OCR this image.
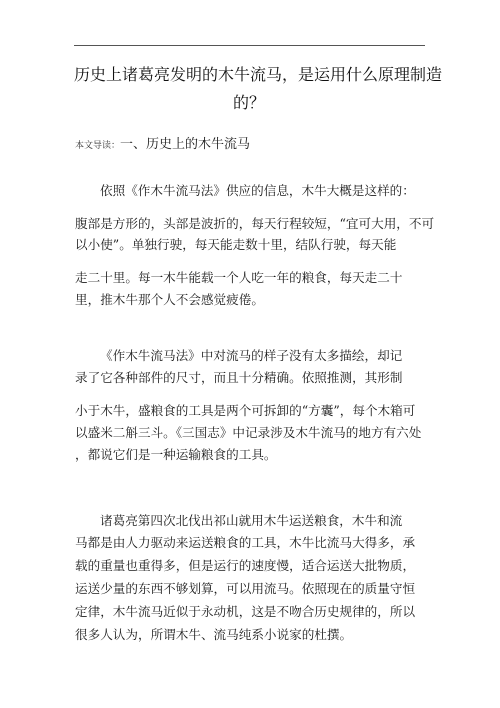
历史上诸葛亮发明的木牛流马，是运用什么原理制造
的？
本文导读：一、历史上的木牛流马
依照《作木牛流马法》供应的信息，木牛大概是这样的：
腹部是方形的，头部是波折的，每天行程较短，“宜可大用，不可
以小使”。单独行驶，每天能走数十里，结队行驶，每天能
走二十里。每一木牛能载一个人吃一年的粮食，每天走二十
里，推木牛那个人不会感觉疲倦。
《作木牛流马法》中对流马的样子没有太多描绘，却记
录了它各种部件的尺寸，而且十分精确。依照推测，其形制
小于木牛，盛粮食的工具是两个可拆卸的“方囊”，每个木箱可
以盛米二斛三斗。《三国志》中记录涉及木牛流马的地方有六处
，都说它们是一种运输粮食的工具。
诸葛亮第四次北伐出祁山就用木牛运送粮食，木牛和流
马都是由人力驱动来运送粮食的工具，木牛比流马大得多，承
载的重量也重得多，但是运行的速度慢，适合运送大批物质，
运送少量的东西不够划算，可以用流马。依照现在的质量守恒
定律，木牛流马近似于永动机，这是不吻合历史规律的，所以
很多人认为，所谓木牛、流马纯系小说家的杜撰。
